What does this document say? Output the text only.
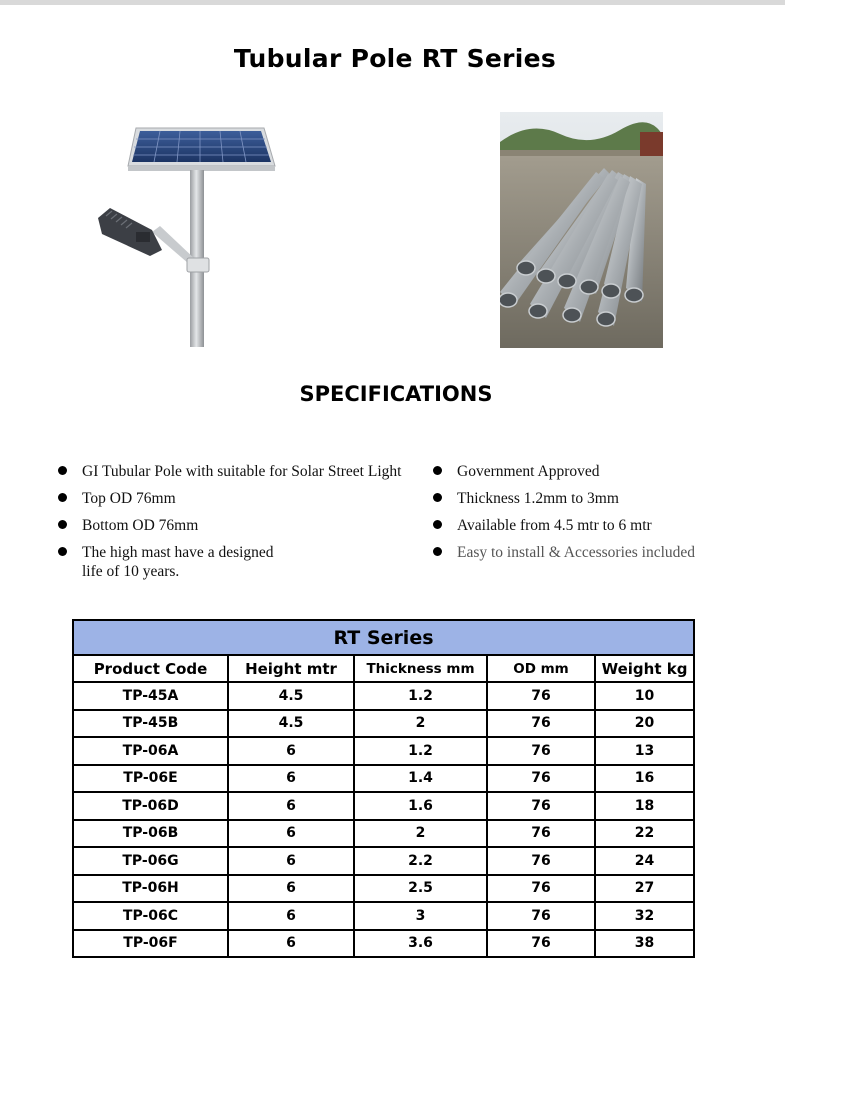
Tubular Pole RT Series
SPECIFICATIONS
GI Tubular Pole with suitable for Solar Street Light
Top OD 76mm
Bottom OD 76mm
The high mast have a designed life of 10 years.
Government Approved
Thickness 1.2mm to 3mm
Available from 4.5 mtr to 6 mtr
Easy to install & Accessories included
RT Series				
Product Code	Height mtr	Thickness mm	OD mm	Weight kg
TP-45A	4.5	1.2	76	10
TP-45B	4.5	2	76	20
TP-06A	6	1.2	76	13
TP-06E	6	1.4	76	16
TP-06D	6	1.6	76	18
TP-06B	6	2	76	22
TP-06G	6	2.2	76	24
TP-06H	6	2.5	76	27
TP-06C	6	3	76	32
TP-06F	6	3.6	76	38
